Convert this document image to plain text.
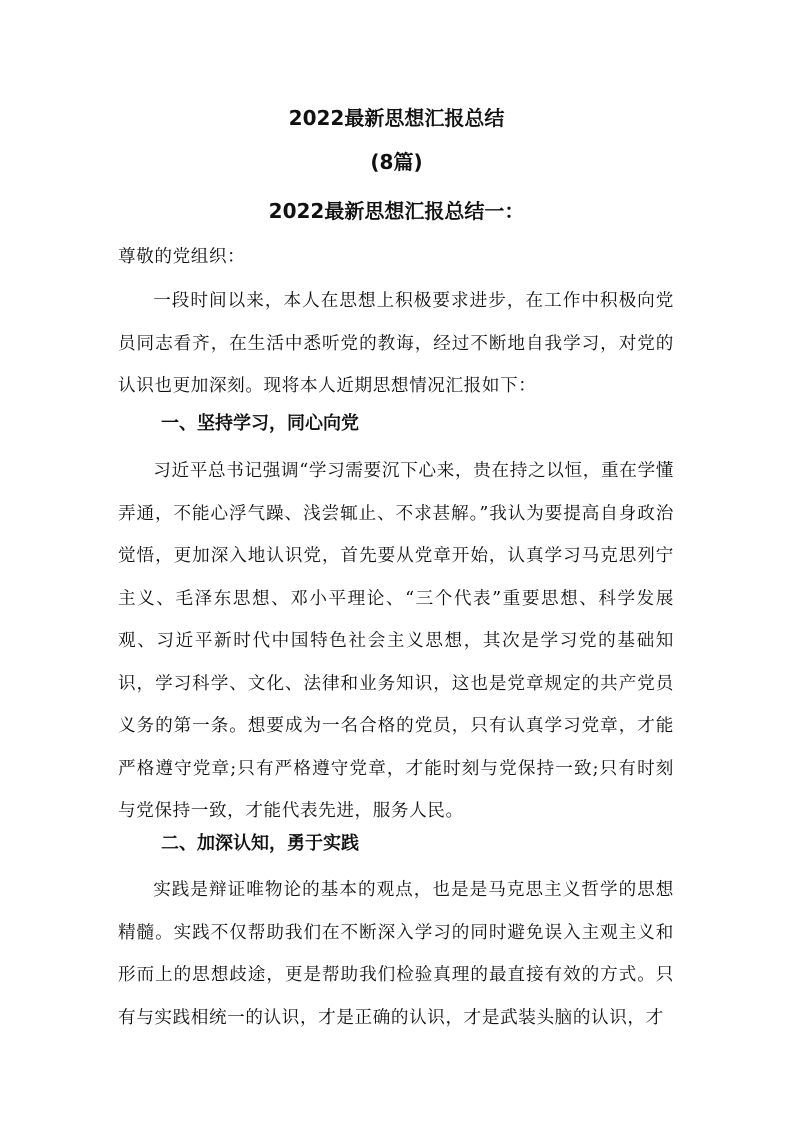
2022最新思想汇报总结
(8篇)
2022最新思想汇报总结一：

尊敬的党组织：

一段时间以来，本人在思想上积极要求进步，在工作中积极向党员同志看齐，在生活中悉听党的教诲，经过不断地自我学习，对党的认识也更加深刻。现将本人近期思想情况汇报如下：

一、坚持学习，同心向党

习近平总书记强调“学习需要沉下心来，贵在持之以恒，重在学懂弄通，不能心浮气躁、浅尝辄止、不求甚解。”我认为要提高自身政治觉悟，更加深入地认识党，首先要从党章开始，认真学习马克思列宁主义、毛泽东思想、邓小平理论、“三个代表”重要思想、科学发展观、习近平新时代中国特色社会主义思想，其次是学习党的基础知识，学习科学、文化、法律和业务知识，这也是党章规定的共产党员义务的第一条。想要成为一名合格的党员，只有认真学习党章，才能严格遵守党章;只有严格遵守党章，才能时刻与党保持一致;只有时刻与党保持一致，才能代表先进，服务人民。

二、加深认知，勇于实践

实践是辩证唯物论的基本的观点，也是是马克思主义哲学的思想精髓。实践不仅帮助我们在不断深入学习的同时避免误入主观主义和形而上的思想歧途，更是帮助我们检验真理的最直接有效的方式。只有与实践相统一的认识，才是正确的认识，才是武装头脑的认识，才
